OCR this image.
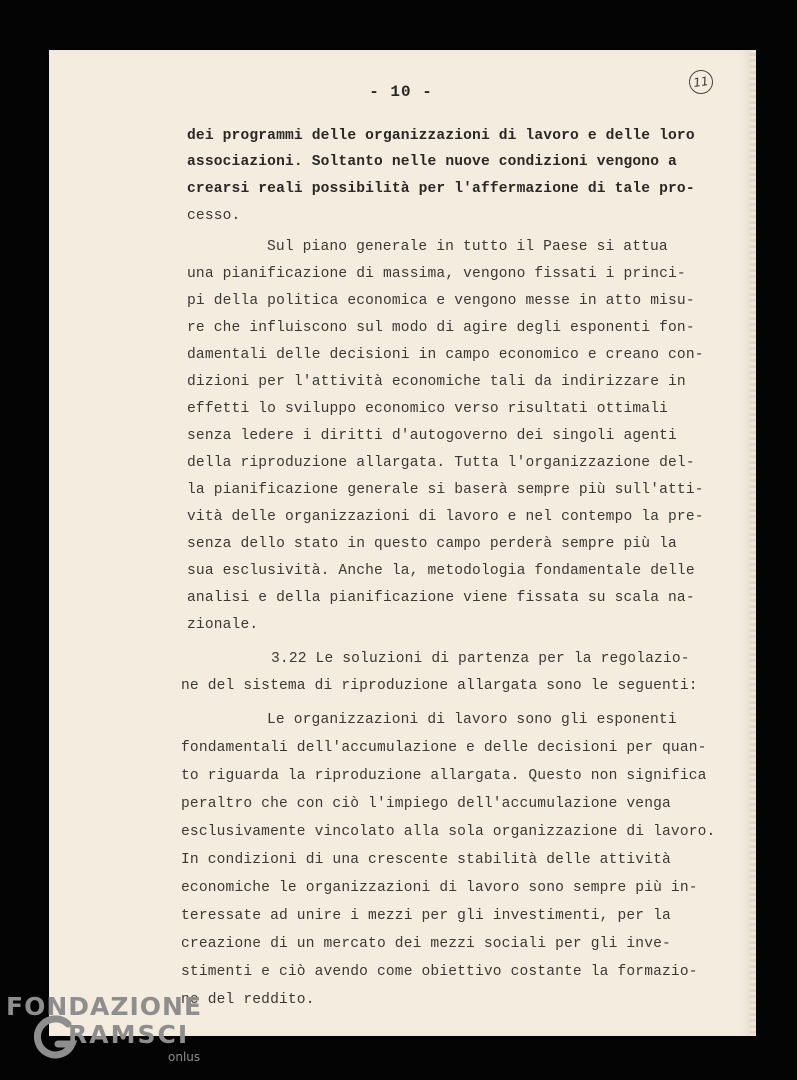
- 10 -
11
dei programmi delle organizzazioni di lavoro e delle loro
associazioni. Soltanto nelle nuove condizioni vengono a
crearsi reali possibilità per l'affermazione di tale pro-
cesso.
Sul piano generale in tutto il Paese si attua
una pianificazione di massima, vengono fissati i princi-
pi della politica economica e vengono messe in atto misu-
re che influiscono sul modo di agire degli esponenti fon-
damentali delle decisioni in campo economico e creano con-
dizioni per l'attività economiche tali da indirizzare in
effetti lo sviluppo economico verso risultati ottimali
senza ledere i diritti d'autogoverno dei singoli agenti
della riproduzione allargata. Tutta l'organizzazione del-
la pianificazione generale si baserà sempre più sull'atti-
vità delle organizzazioni di lavoro e nel contempo la pre-
senza dello stato in questo campo perderà sempre più la
sua esclusività. Anche la, metodologia fondamentale delle
analisi e della pianificazione viene fissata su scala na-
zionale.
3.22 Le soluzioni di partenza per la regolazio-
ne del sistema di riproduzione allargata sono le seguenti:
Le organizzazioni di lavoro sono gli esponenti
fondamentali dell'accumulazione e delle decisioni per quan-
to riguarda la riproduzione allargata. Questo non significa
peraltro che con ciò l'impiego dell'accumulazione venga
esclusivamente vincolato alla sola organizzazione di lavoro.
In condizioni di una crescente stabilità delle attività
economiche le organizzazioni di lavoro sono sempre più in-
teressate ad unire i mezzi per gli investimenti, per la
creazione di un mercato dei mezzi sociali per gli inve-
stimenti e ciò avendo come obiettivo costante la formazio-
ne del reddito.
FONDAZIONE
RAMSCI
onlus
